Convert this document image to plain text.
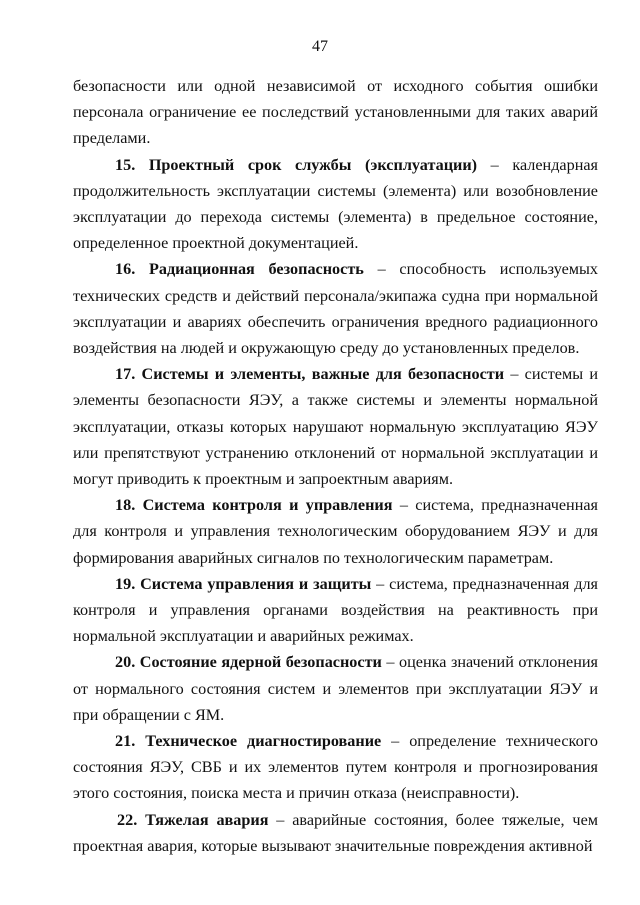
47

безопасности или одной независимой от исходного события ошибки персонала ограничение ее последствий установленными для таких аварий пределами.

15. Проектный срок службы (эксплуатации) – календарная продолжительность эксплуатации системы (элемента) или возобновление эксплуатации до перехода системы (элемента) в предельное состояние, определенное проектной документацией.

16. Радиационная безопасность – способность используемых технических средств и действий персонала/экипажа судна при нормальной эксплуатации и авариях обеспечить ограничения вредного радиационного воздействия на людей и окружающую среду до установленных пределов.

17. Системы и элементы, важные для безопасности – системы и элементы безопасности ЯЭУ, а также системы и элементы нормальной эксплуатации, отказы которых нарушают нормальную эксплуатацию ЯЭУ или препятствуют устранению отклонений от нормальной эксплуатации и могут приводить к проектным и запроектным авариям.

18. Система контроля и управления – система, предназначенная для контроля и управления технологическим оборудованием ЯЭУ и для формирования аварийных сигналов по технологическим параметрам.

19. Система управления и защиты – система, предназначенная для контроля и управления органами воздействия на реактивность при нормальной эксплуатации и аварийных режимах.

20. Состояние ядерной безопасности – оценка значений отклонения от нормального состояния систем и элементов при эксплуатации ЯЭУ и при обращении с ЯМ.

21. Техническое диагностирование – определение технического состояния ЯЭУ, СВБ и их элементов путем контроля и прогнозирования этого состояния, поиска места и причин отказа (неисправности).

22. Тяжелая авария – аварийные состояния, более тяжелые, чем проектная авария, которые вызывают значительные повреждения активной
